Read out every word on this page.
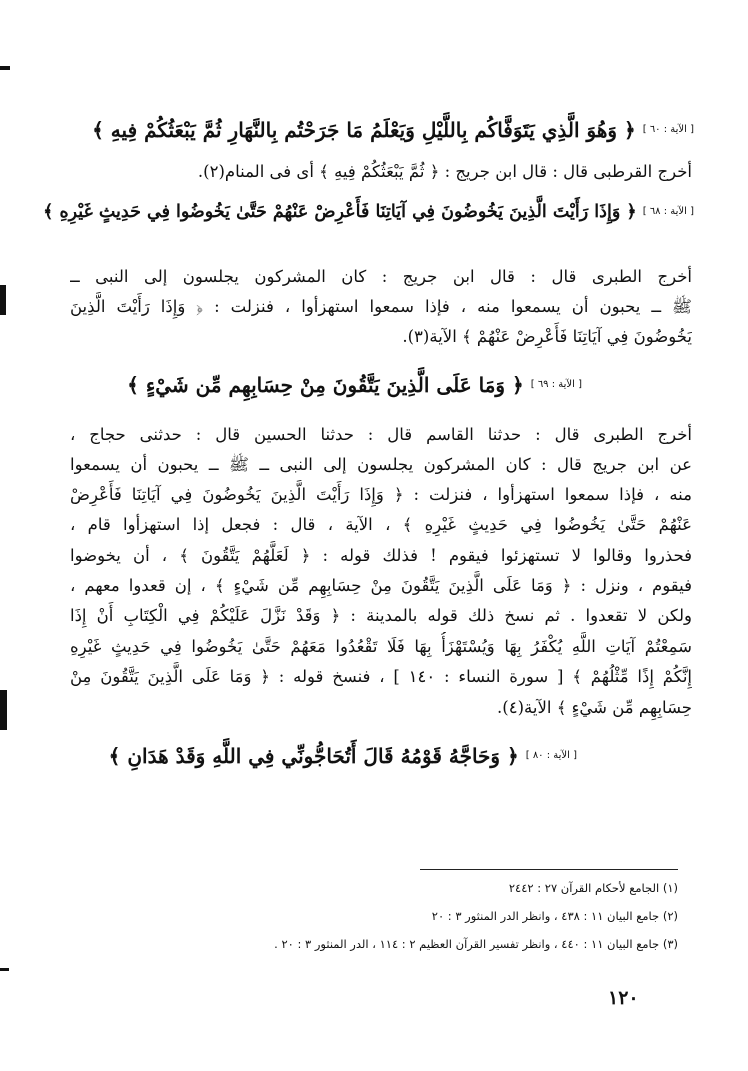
[ الآية : ٦٠ ] ﴿ وَهُوَ الَّذِي يَتَوَفَّاكُم بِاللَّيْلِ وَيَعْلَمُ مَا جَرَحْتُم بِالنَّهَارِ ثُمَّ يَبْعَثُكُمْ فِيهِ ﴾
أخرج القرطبى قال : قال ابن جريج : ﴿ ثُمَّ يَبْعَثُكُمْ فِيهِ ﴾ أى فى المنام(٢).
[ الآية : ٦٨ ] ﴿ وَإِذَا رَأَيْتَ الَّذِينَ يَخُوضُونَ فِي آيَاتِنَا فَأَعْرِضْ عَنْهُمْ حَتَّىٰ يَخُوضُوا فِي حَدِيثٍ غَيْرِهِ ﴾
أخرج الطبرى قال : قال ابن جريج : كان المشركون يجلسون إلى النبى ــ
ﷺ ــ يحبون أن يسمعوا منه ، فإذا سمعوا استهزأوا ، فنزلت : ﴿ وَإِذَا رَأَيْتَ الَّذِينَ
يَخُوضُونَ فِي آيَاتِنَا فَأَعْرِضْ عَنْهُمْ ﴾ الآية(٣).
[ الآية : ٦٩ ] ﴿ وَمَا عَلَى الَّذِينَ يَتَّقُونَ مِنْ حِسَابِهِم مِّن شَيْءٍ ﴾
أخرج الطبرى قال : حدثنا القاسم قال : حدثنا الحسين قال : حدثنى حجاج ،
عن ابن جريج قال : كان المشركون يجلسون إلى النبى ــ ﷺ ــ يحبون أن يسمعوا
منه ، فإذا سمعوا استهزأوا ، فنزلت : ﴿ وَإِذَا رَأَيْتَ الَّذِينَ يَخُوضُونَ فِي آيَاتِنَا فَأَعْرِضْ
عَنْهُمْ حَتَّىٰ يَخُوضُوا فِي حَدِيثٍ غَيْرِهِ ﴾ ، الآية ، قال : فجعل إذا استهزأوا قام ،
فحذروا وقالوا لا تستهزئوا فيقوم ! فذلك قوله : ﴿ لَعَلَّهُمْ يَتَّقُونَ ﴾ ، أن يخوضوا
فيقوم ، ونزل : ﴿ وَمَا عَلَى الَّذِينَ يَتَّقُونَ مِنْ حِسَابِهِم مِّن شَيْءٍ ﴾ ، إن قعدوا معهم ،
ولكن لا تقعدوا . ثم نسخ ذلك قوله بالمدينة : ﴿ وَقَدْ نَزَّلَ عَلَيْكُمْ فِي الْكِتَابِ أَنْ إِذَا
سَمِعْتُمْ آيَاتِ اللَّهِ يُكْفَرُ بِهَا وَيُسْتَهْزَأُ بِهَا فَلَا تَقْعُدُوا مَعَهُمْ حَتَّىٰ يَخُوضُوا فِي حَدِيثٍ غَيْرِهِ
إِنَّكُمْ إِذًا مِّثْلُهُمْ ﴾ [ سورة النساء : ١٤٠ ] ، فنسخ قوله : ﴿ وَمَا عَلَى الَّذِينَ يَتَّقُونَ مِنْ
حِسَابِهِم مِّن شَيْءٍ ﴾ الآية(٤).
[ الآية : ٨٠ ] ﴿ وَحَاجَّهُ قَوْمُهُ قَالَ أَتُحَاجُّونِّي فِي اللَّهِ وَقَدْ هَدَانِ ﴾
(١) الجامع لأحكام القرآن ٢٧ : ٢٤٤٢
(٢) جامع البيان ١١ : ٤٣٨ ، وانظر الدر المنثور ٣ : ٢٠
(٣) جامع البيان ١١ : ٤٤٠ ، وانظر تفسير القرآن العظيم ٢ : ١١٤ ، الدر المنثور ٣ : ٢٠ .
١٢٠
